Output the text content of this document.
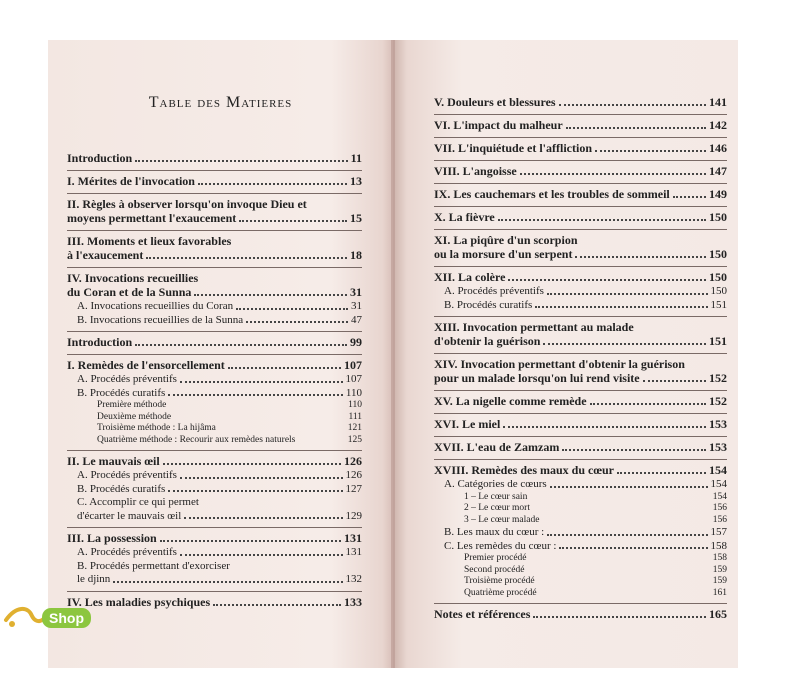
Table des Matieres
Introduction	11
I. Mérites de l'invocation	13
II. Règles à observer lorsqu'on invoque Dieu et
moyens permettant l'exaucement	15
III. Moments et lieux favorables
à l'exaucement	18
IV. Invocations recueillies
du Coran et de la Sunna	31
A. Invocations recueillies du Coran	31
B. Invocations recueillies de la Sunna	47
Introduction	99
I. Remèdes de l'ensorcellement	107
A. Procédés préventifs	107
B. Procédés curatifs	110
Première méthode	110
Deuxième méthode	111
Troisième méthode : La hijâma	121
Quatrième méthode : Recourir aux remèdes naturels	125
II. Le mauvais œil	126
A. Procédés préventifs	126
B. Procédés curatifs	127
C. Accomplir ce qui permet
d'écarter le mauvais œil	129
III. La possession	131
A. Procédés préventifs	131
B. Procédés permettant d'exorciser
le djinn	132
IV. Les maladies psychiques	133
V. Douleurs et blessures	141
VI. L'impact du malheur	142
VII. L'inquiétude et l'affliction	146
VIII. L'angoisse	147
IX. Les cauchemars et les troubles de sommeil	149
X. La fièvre	150
XI. La piqûre d'un scorpion
ou la morsure d'un serpent	150
XII. La colère	150
A. Procédés préventifs	150
B. Procédés curatifs	151
XIII. Invocation permettant au malade
d'obtenir la guérison	151
XIV. Invocation permettant d'obtenir la guérison
pour un malade lorsqu'on lui rend visite	152
XV. La nigelle comme remède	152
XVI. Le miel	153
XVII. L'eau de Zamzam	153
XVIII. Remèdes des maux du cœur	154
A. Catégories de cœurs	154
1 – Le cœur sain	154
2 – Le cœur mort	156
3 – Le cœur malade	156
B. Les maux du cœur :	157
C. Les remèdes du cœur :	158
Premier procédé	158
Second procédé	159
Troisième procédé	159
Quatrième procédé	161
Notes et références	165
Shop
